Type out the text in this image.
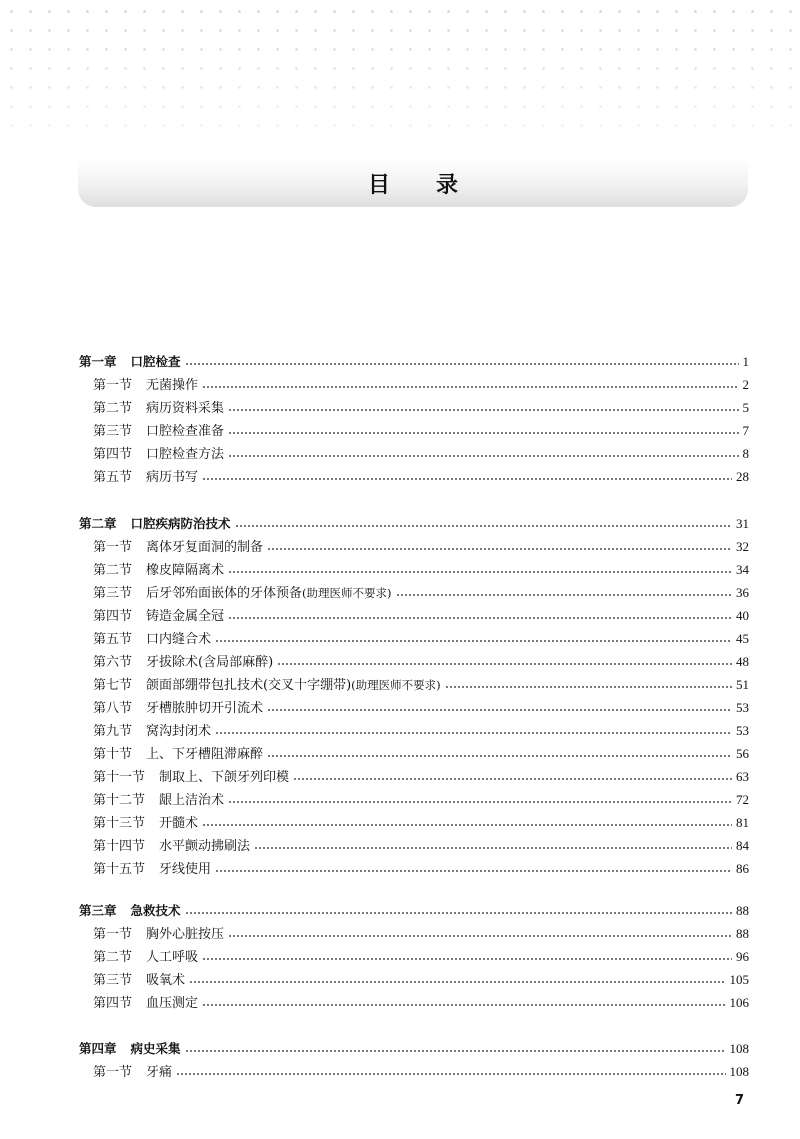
目 录
第一章 口腔检查	1
第一节 无菌操作	2
第二节 病历资料采集	5
第三节 口腔检查准备	7
第四节 口腔检查方法	8
第五节 病历书写	28
第二章 口腔疾病防治技术	31
第一节 离体牙复面洞的制备	32
第二节 橡皮障隔离术	34
第三节 后牙邻殆面嵌体的牙体预备 (助理医师不要求)	36
第四节 铸造金属全冠	40
第五节 口内缝合术	45
第六节 牙拔除术(含局部麻醉)	48
第七节 颌面部绷带包扎技术(交叉十字绷带) (助理医师不要求)	51
第八节 牙槽脓肿切开引流术	53
第九节 窝沟封闭术	53
第十节 上、下牙槽阻滞麻醉	56
第十一节 制取上、下颌牙列印模	63
第十二节 龈上洁治术	72
第十三节 开髓术	81
第十四节 水平颤动拂刷法	84
第十五节 牙线使用	86
第三章 急救技术	88
第一节 胸外心脏按压	88
第二节 人工呼吸	96
第三节 吸氧术	105
第四节 血压测定	106
第四章 病史采集	108
第一节 牙痛	108
7
